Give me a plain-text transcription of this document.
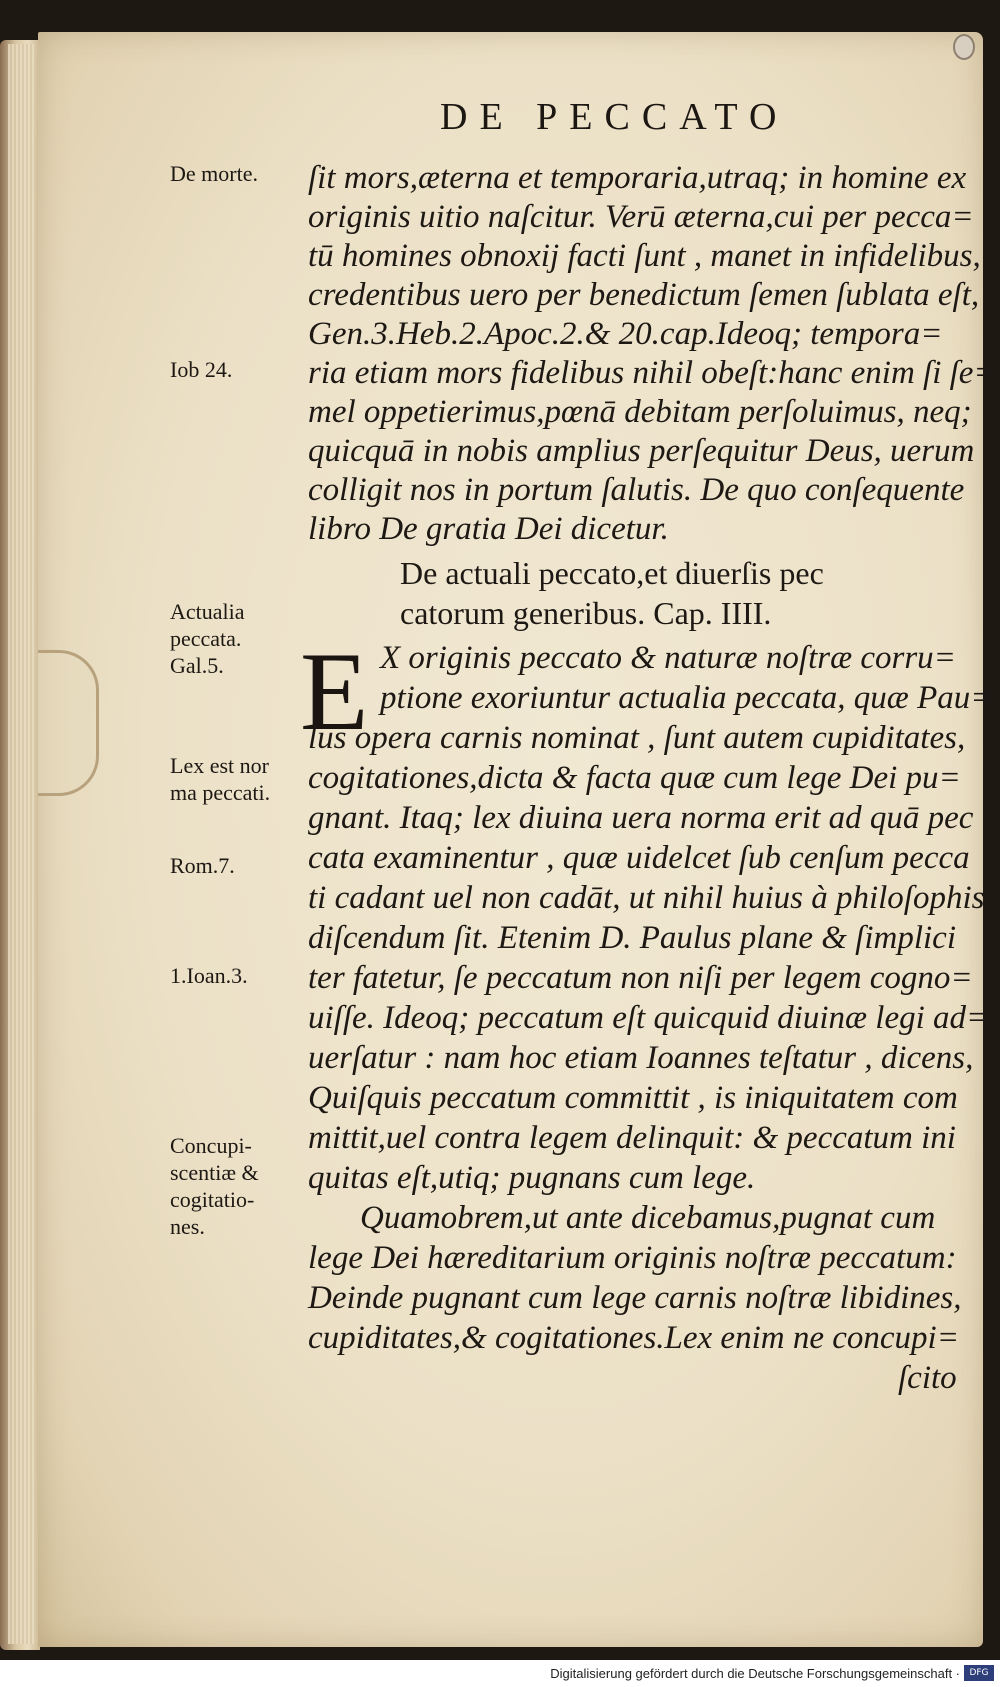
DE PECCATO
De morte.
Iob 24.
Actualia
peccata.
Gal.5.
Lex est nor
ma peccati.
Rom.7.
1.Ioan.3.
Concupi-
scentiæ &
cogitatio-
nes.
ſit mors,æterna et temporaria,utraq; in homine ex
originis uitio naſcitur. Verū æterna,cui per pecca=
tū homines obnoxij facti ſunt , manet in infidelibus,
credentibus uero per benedictum ſemen ſublata eſt,
Gen.3.Heb.2.Apoc.2.& 20.cap.Ideoq; tempora=
ria etiam mors fidelibus nihil obeſt:hanc enim ſi ſe=
mel oppetierimus,pœnā debitam perſoluimus, neq;
quicquā in nobis amplius perſequitur Deus, uerum
colligit nos in portum ſalutis. De quo conſequente
libro De gratia Dei dicetur.
De actuali peccato,et diuerſis pec
catorum generibus. Cap. IIII.
E X originis peccato & naturæ noſtræ corru=
ptione exoriuntur actualia peccata, quæ Pau=
lus opera carnis nominat , ſunt autem cupiditates,
cogitationes,dicta & facta quæ cum lege Dei pu=
gnant. Itaq; lex diuina uera norma erit ad quā pec
cata examinentur , quæ uidelcet ſub cenſum pecca
ti cadant uel non cadāt, ut nihil huius à philoſophis
diſcendum ſit. Etenim D. Paulus plane & ſimplici
ter fatetur, ſe peccatum non niſi per legem cogno=
uiſſe. Ideoq; peccatum eſt quicquid diuinæ legi ad=
uerſatur : nam hoc etiam Ioannes teſtatur , dicens,
Quiſquis peccatum committit , is iniquitatem com
mittit,uel contra legem delinquit: & peccatum ini
quitas eſt,utiq; pugnans cum lege.
Quamobrem,ut ante dicebamus,pugnat cum
lege Dei hæreditarium originis noſtræ peccatum:
Deinde pugnant cum lege carnis noſtræ libidines,
cupiditates,& cogitationes.Lex enim ne concupi=
ſcito
Digitalisierung gefördert durch die Deutsche Forschungsgemeinschaft ·	DFG
